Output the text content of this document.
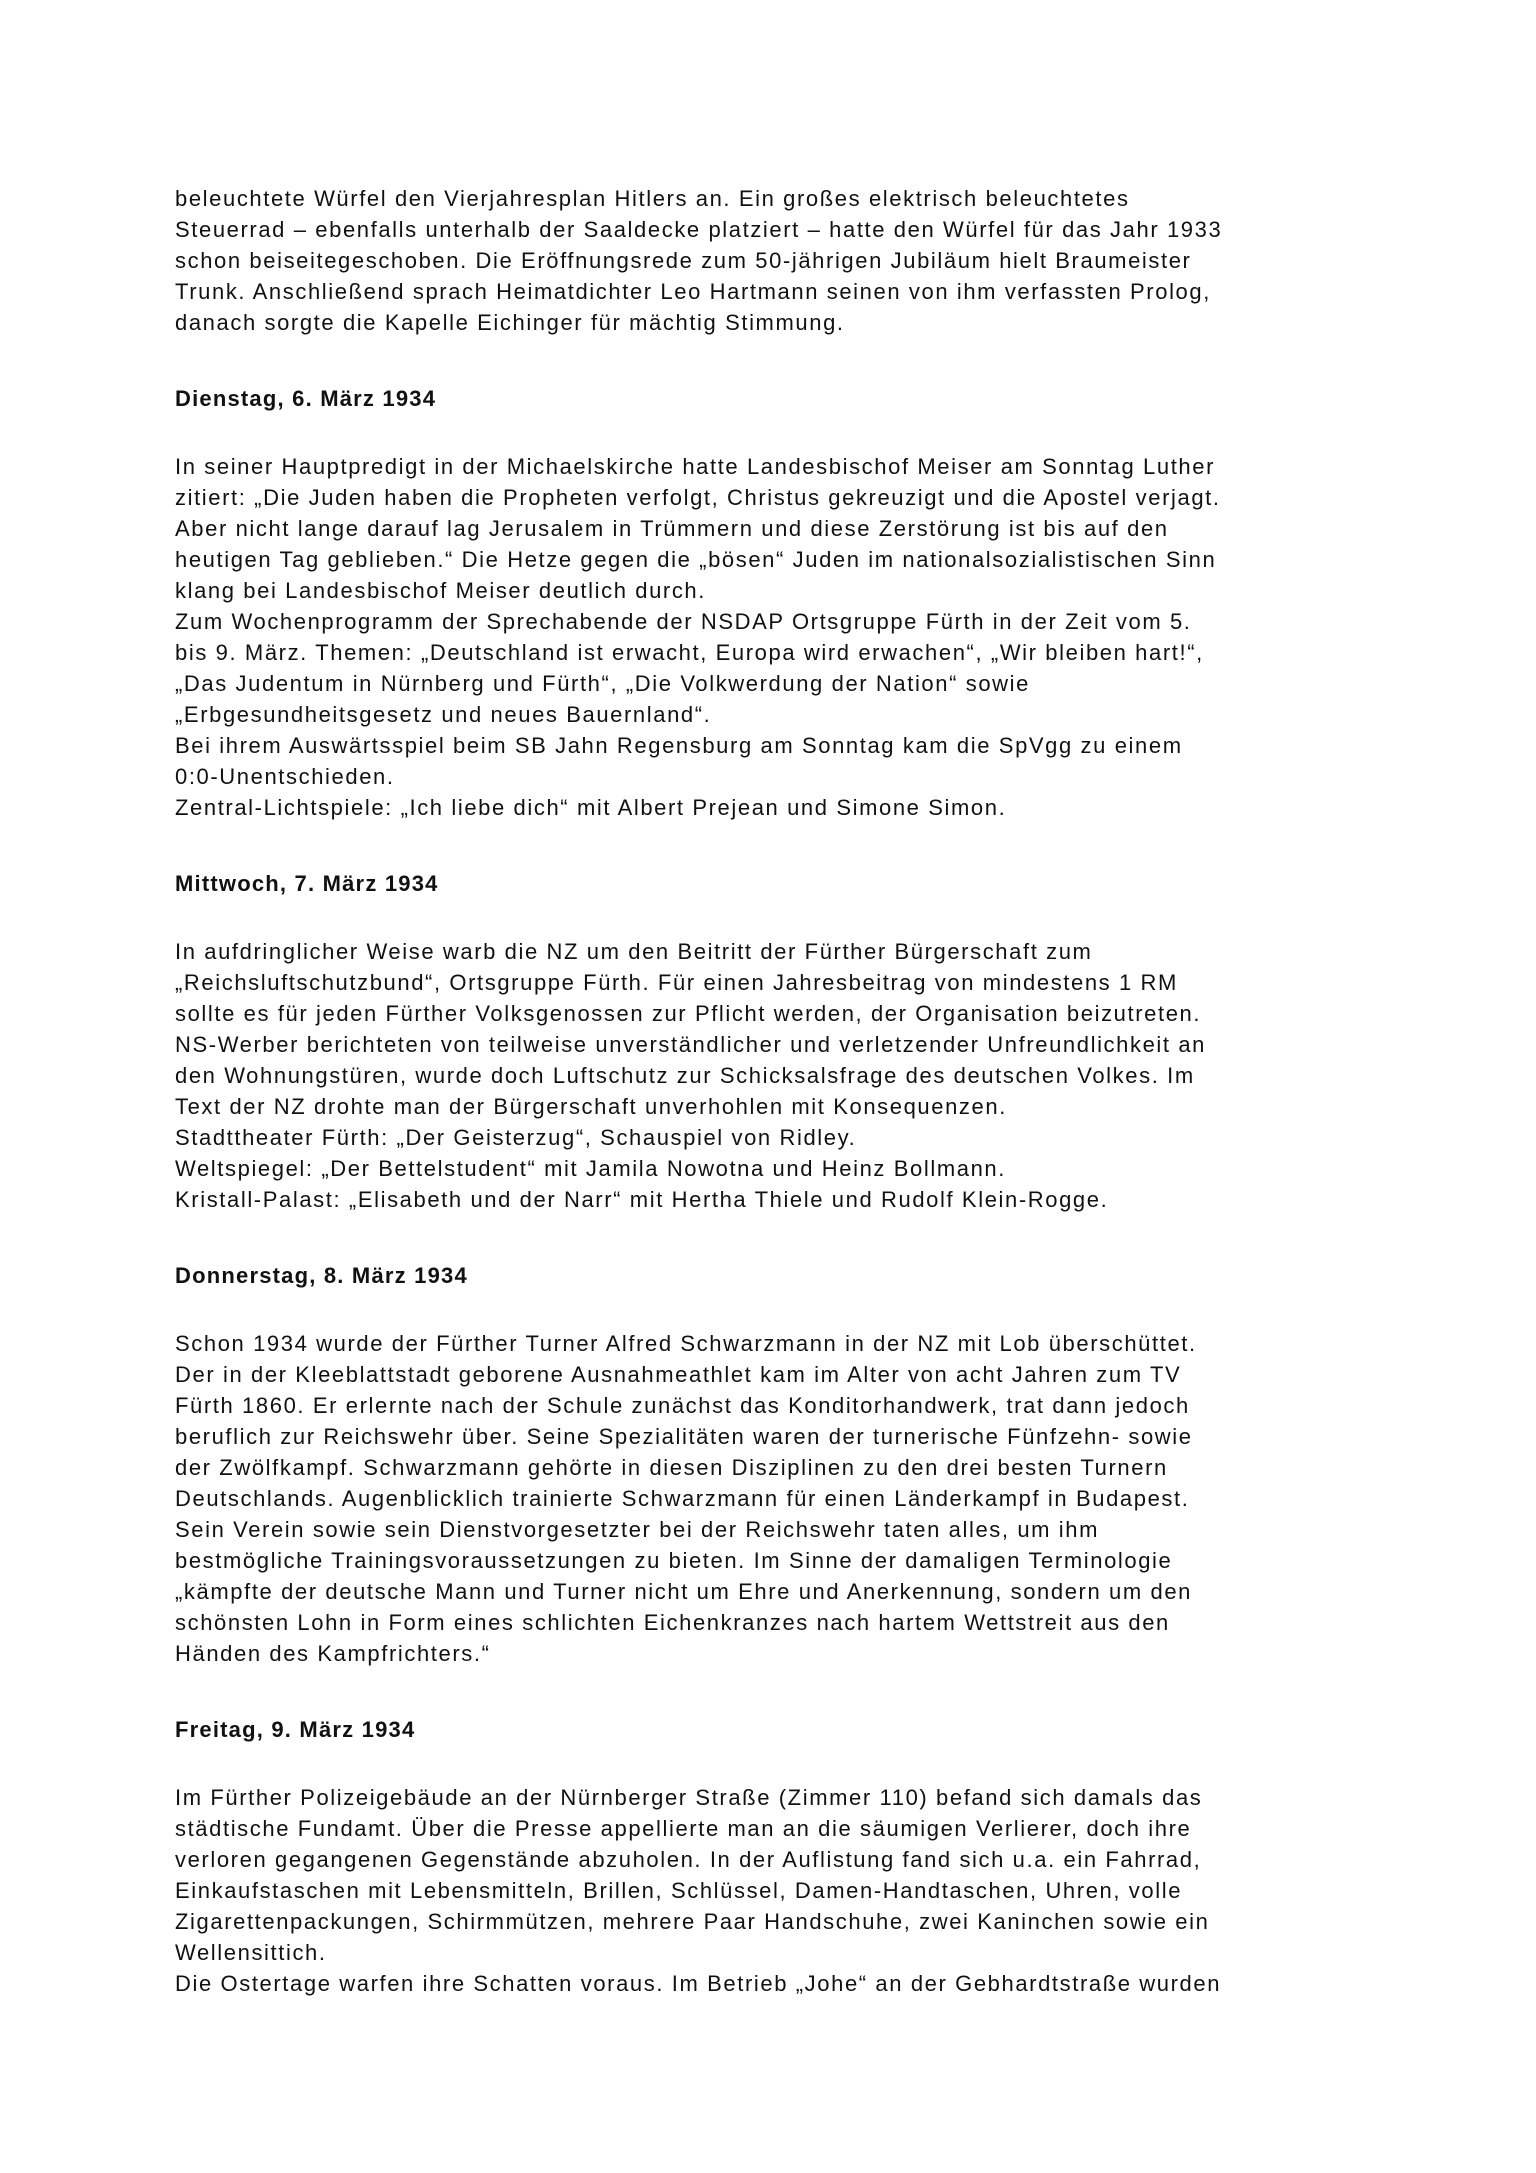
beleuchtete Würfel den Vierjahresplan Hitlers an. Ein großes elektrisch beleuchtetes
Steuerrad – ebenfalls unterhalb der Saaldecke platziert – hatte den Würfel für das Jahr 1933
schon beiseitegeschoben. Die Eröffnungsrede zum 50-jährigen Jubiläum hielt Braumeister
Trunk. Anschließend sprach Heimatdichter Leo Hartmann seinen von ihm verfassten Prolog,
danach sorgte die Kapelle Eichinger für mächtig Stimmung.
Dienstag, 6. März 1934
In seiner Hauptpredigt in der Michaelskirche hatte Landesbischof Meiser am Sonntag Luther
zitiert: „Die Juden haben die Propheten verfolgt, Christus gekreuzigt und die Apostel verjagt.
Aber nicht lange darauf lag Jerusalem in Trümmern und diese Zerstörung ist bis auf den
heutigen Tag geblieben.“ Die Hetze gegen die „bösen“ Juden im nationalsozialistischen Sinn
klang bei Landesbischof Meiser deutlich durch.
Zum Wochenprogramm der Sprechabende der NSDAP Ortsgruppe Fürth in der Zeit vom 5.
bis 9. März. Themen: „Deutschland ist erwacht, Europa wird erwachen“, „Wir bleiben hart!“,
„Das Judentum in Nürnberg und Fürth“, „Die Volkwerdung der Nation“ sowie
„Erbgesundheitsgesetz und neues Bauernland“.
Bei ihrem Auswärtsspiel beim SB Jahn Regensburg am Sonntag kam die SpVgg zu einem
0:0-Unentschieden.
Zentral-Lichtspiele: „Ich liebe dich“ mit Albert Prejean und Simone Simon.
Mittwoch, 7. März 1934
In aufdringlicher Weise warb die NZ um den Beitritt der Fürther Bürgerschaft zum
„Reichsluftschutzbund“, Ortsgruppe Fürth. Für einen Jahresbeitrag von mindestens 1 RM
sollte es für jeden Fürther Volksgenossen zur Pflicht werden, der Organisation beizutreten.
NS-Werber berichteten von teilweise unverständlicher und verletzender Unfreundlichkeit an
den Wohnungstüren, wurde doch Luftschutz zur Schicksalsfrage des deutschen Volkes. Im
Text der NZ drohte man der Bürgerschaft unverhohlen mit Konsequenzen.
Stadttheater Fürth: „Der Geisterzug“, Schauspiel von Ridley.
Weltspiegel: „Der Bettelstudent“ mit Jamila Nowotna und Heinz Bollmann.
Kristall-Palast: „Elisabeth und der Narr“ mit Hertha Thiele und Rudolf Klein-Rogge.
Donnerstag, 8. März 1934
Schon 1934 wurde der Fürther Turner Alfred Schwarzmann in der NZ mit Lob überschüttet.
Der in der Kleeblattstadt geborene Ausnahmeathlet kam im Alter von acht Jahren zum TV
Fürth 1860. Er erlernte nach der Schule zunächst das Konditorhandwerk, trat dann jedoch
beruflich zur Reichswehr über. Seine Spezialitäten waren der turnerische Fünfzehn- sowie
der Zwölfkampf. Schwarzmann gehörte in diesen Disziplinen zu den drei besten Turnern
Deutschlands. Augenblicklich trainierte Schwarzmann für einen Länderkampf in Budapest.
Sein Verein sowie sein Dienstvorgesetzter bei der Reichswehr taten alles, um ihm
bestmögliche Trainingsvoraussetzungen zu bieten. Im Sinne der damaligen Terminologie
„kämpfte der deutsche Mann und Turner nicht um Ehre und Anerkennung, sondern um den
schönsten Lohn in Form eines schlichten Eichenkranzes nach hartem Wettstreit aus den
Händen des Kampfrichters.“
Freitag, 9. März 1934
Im Fürther Polizeigebäude an der Nürnberger Straße (Zimmer 110) befand sich damals das
städtische Fundamt. Über die Presse appellierte man an die säumigen Verlierer, doch ihre
verloren gegangenen Gegenstände abzuholen. In der Auflistung fand sich u.a. ein Fahrrad,
Einkaufstaschen mit Lebensmitteln, Brillen, Schlüssel, Damen-Handtaschen, Uhren, volle
Zigarettenpackungen, Schirmmützen, mehrere Paar Handschuhe, zwei Kaninchen sowie ein
Wellensittich.
Die Ostertage warfen ihre Schatten voraus. Im Betrieb „Johe“ an der Gebhardtstraße wurden
